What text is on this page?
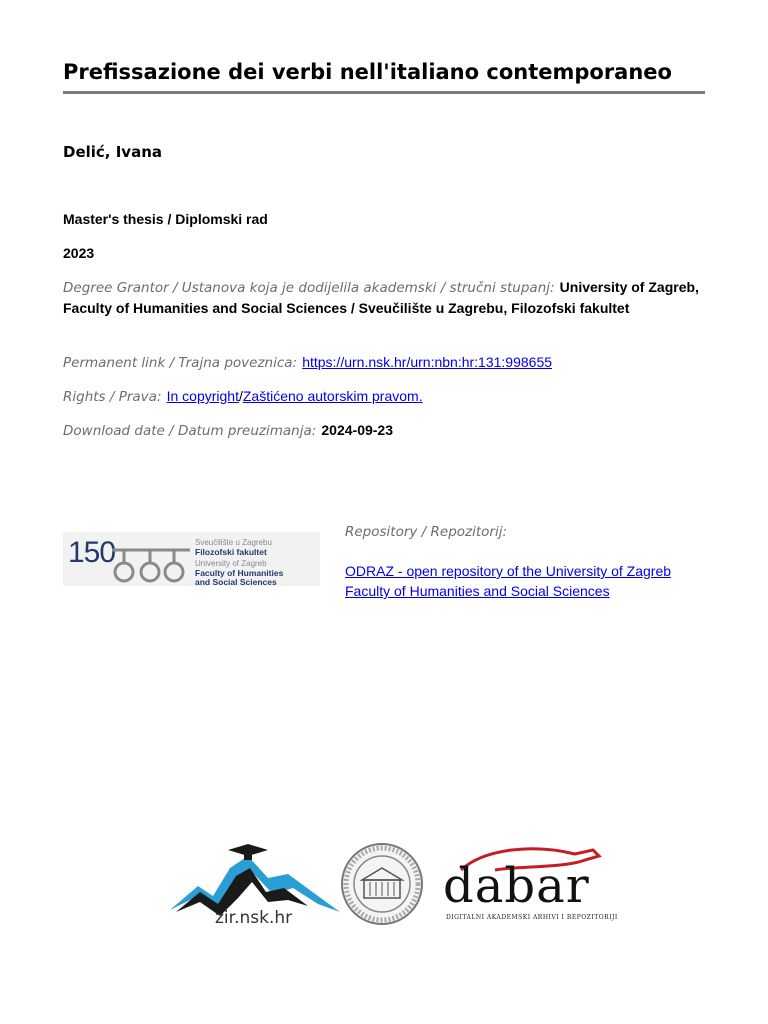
Prefissazione dei verbi nell'italiano contemporaneo
Delić, Ivana
Master's thesis / Diplomski rad
2023
Degree Grantor / Ustanova koja je dodijelila akademski / stručni stupanj: University of Zagreb, Faculty of Humanities and Social Sciences / Sveučilište u Zagrebu, Filozofski fakultet
Permanent link / Trajna poveznica: https://urn.nsk.hr/urn:nbn:hr:131:998655
Rights / Prava: In copyright/Zaštićeno autorskim pravom.
Download date / Datum preuzimanja: 2024-09-23
150	Sveučilište u Zagrebu
Filozofski fakultet
University of Zagreb
Faculty of Humanities
and Social Sciences
Repository / Repozitorij:
ODRAZ - open repository of the University of Zagreb
Faculty of Humanities and Social Sciences
zir.nsk.hr
dabar
DIGITALNI AKADEMSKI ARHIVI I REPOZITORIJI
